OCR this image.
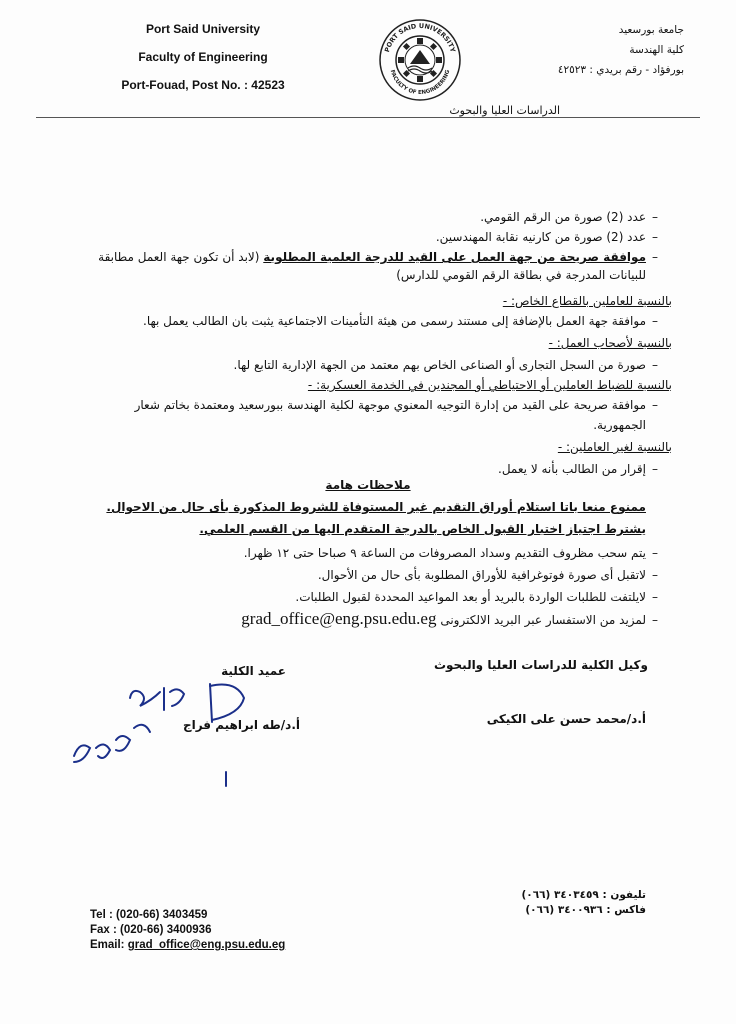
Port Said University
Faculty of Engineering
Port-Fouad, Post No. : 42523
جامعة بورسعيد
كلية الهندسة
بورفؤاد - رقم بريدي : ٤٢٥٢٣
PORT SAID UNIVERSITY
FACULTY OF ENGINEERING
الدراسات العليا والبحوث
–عدد (2) صورة من الرقم القومي.
–عدد (2) صورة من كارنيه نقابة المهندسين.
–موافقة صريحة من جهة العمل على القيد للدرجة العلمية المطلوبة (لابد أن تكون جهة العمل مطابقة
للبيانات المدرجة في بطاقة الرقم القومي للدارس)
بالنسبة للعاملين بالقطاع الخاص: -
–موافقة جهة العمل بالإضافة إلى مستند رسمى من هيئة التأمينات الاجتماعية يثبت بان الطالب يعمل بها.
بالنسبة لأصحاب العمل: -
–صورة من السجل التجارى أو الصناعى الخاص بهم معتمد من الجهة الإدارية التابع لها.
بالنسبة للضباط العاملين أو الاحتياطي أو المجندين في الخدمة العسكرية: -
–موافقة صريحة على القيد من إدارة التوجيه المعنوي موجهة لكلية الهندسة ببورسعيد ومعتمدة بخاتم شعار
الجمهورية.
بالنسبة لغير العاملين: -
–إقرار من الطالب بأنه لا يعمل.
ملاحظات هامة
ممنوع منعا باتا استلام أوراق التقديم غير المستوفاة للشروط المذكورة بأى حال من الاحوال.
يشترط اجتياز اختبار القبول الخاص بالدرجة المتقدم اليها من القسم العلمي.
–يتم سحب مظروف التقديم وسداد المصروفات من الساعة ٩ صباحا حتى ١٢ ظهرا.
–لاتقبل أى صورة فوتوغرافية للأوراق المطلوبة بأى حال من الأحوال.
–لايلتفت للطلبات الواردة بالبريد أو بعد المواعيد المحددة لقبول الطلبات.
–لمزيد من الاستفسار عبر البريد الالكترونى grad_office@eng.psu.edu.eg
وكيل الكلية للدراسات العليا والبحوث
أ.د/محمد حسن على الكيكى
عميد الكلية
أ.د/طه ابراهيم فراج
Tel : (020-66) 3403459
Fax : (020-66) 3400936
Email: grad_office@eng.psu.edu.eg
تليفون : ٣٤٠٣٤٥٩ (٠٦٦)
فاكس : ٣٤٠٠٩٣٦ (٠٦٦)
